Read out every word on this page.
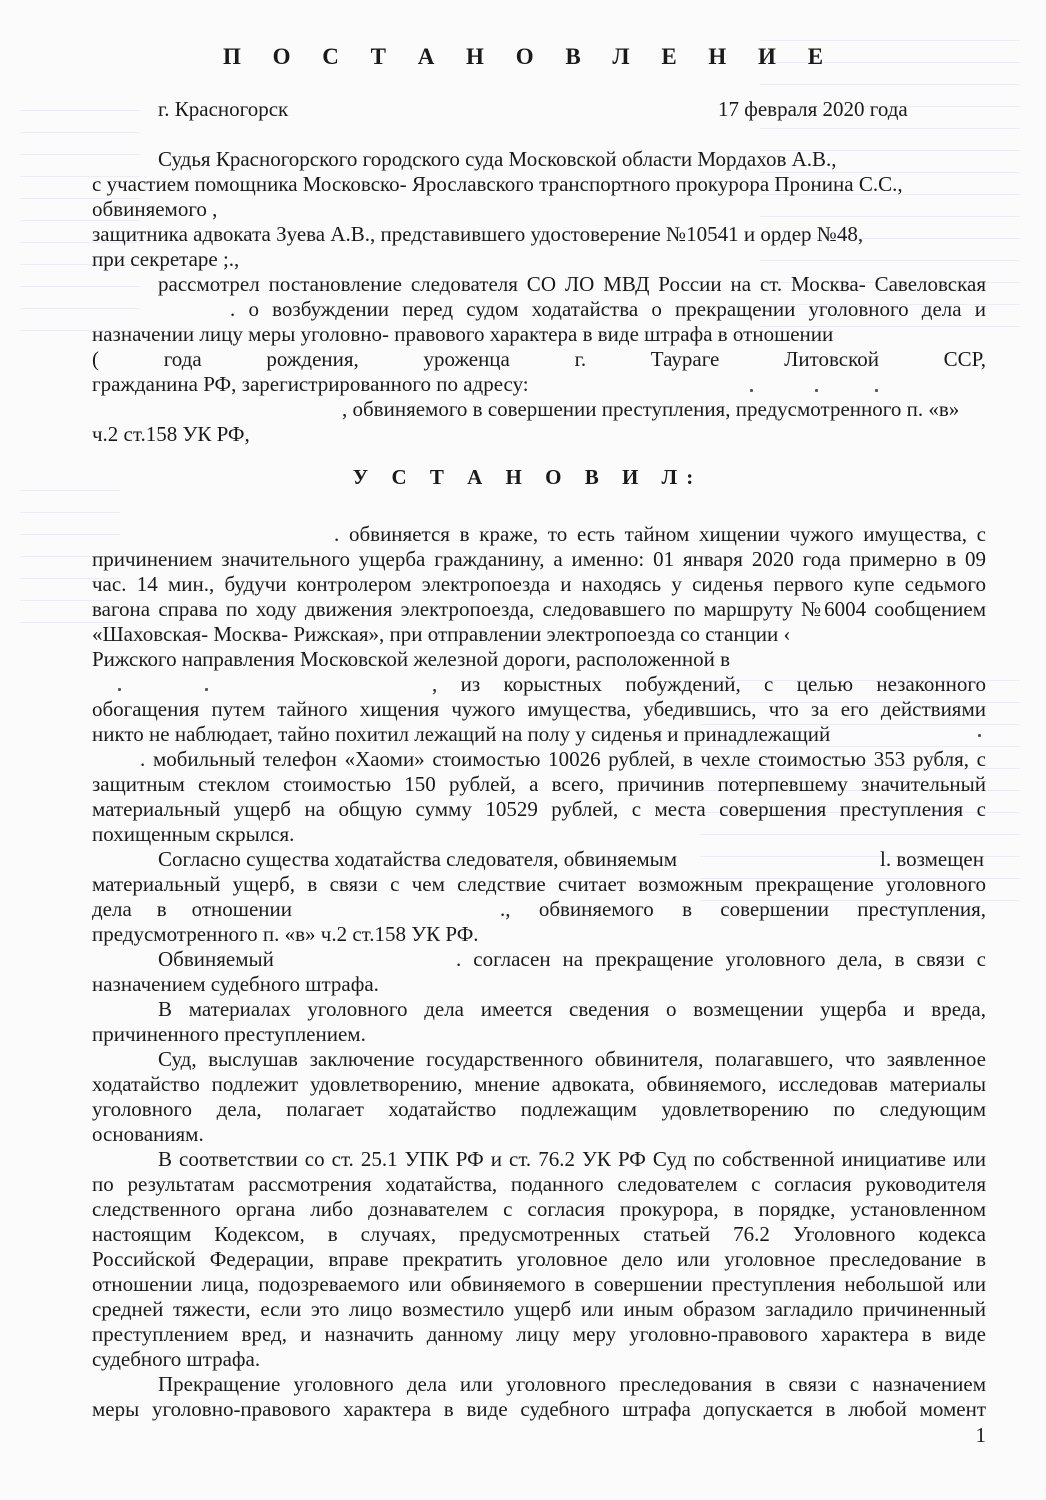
П О С Т А Н О В Л Е Н И Е
г. Красногорск	17 февраля 2020 года
Судья Красногорского городского суда Московской области Мордахов А.В.,
с участием помощника Московско- Ярославского транспортного прокурора Пронина С.С.,
обвиняемого ,
защитника адвоката Зуева А.В., представившего удостоверение №10541 и ордер №48,
при секретаре ;.,
рассмотрел постановление следователя СО ЛО МВД России на ст. Москва- Савеловская
. о возбуждении перед судом ходатайства о прекращении уголовного дела и
назначении лицу меры уголовно- правового характера в виде штрафа в отношении
( года рождения, уроженца г. Таураге Литовской ССР,
гражданина РФ, зарегистрированного по адресу:
, обвиняемого в совершении преступления, предусмотренного п. «в»
ч.2 ст.158 УК РФ,
У С Т А Н О В И Л:
. обвиняется в краже, то есть тайном хищении чужого имущества, с
причинением значительного ущерба гражданину, а именно: 01 января 2020 года примерно в 09
час. 14 мин., будучи контролером электропоезда и находясь у сиденья первого купе седьмого
вагона справа по ходу движения электропоезда, следовавшего по маршруту №6004 сообщением
«Шаховская- Москва- Рижская», при отправлении электропоезда со станции ‹
Рижского направления Московской железной дороги, расположенной в
, из корыстных побуждений, с целью незаконного
обогащения путем тайного хищения чужого имущества, убедившись, что за его действиями
никто не наблюдает, тайно похитил лежащий на полу у сиденья и принадлежащий
. мобильный телефон «Хаоми» стоимостью 10026 рублей, в чехле стоимостью 353 рубля, с
защитным стеклом стоимостью 150 рублей, а всего, причинив потерпевшему значительный
материальный ущерб на общую сумму 10529 рублей, с места совершения преступления с
похищенным скрылся.
Согласно существа ходатайства следователя, обвиняемым	l. возмещен
материальный ущерб, в связи с чем следствие считает возможным прекращение уголовного
дела в отношении	., обвиняемого в совершении преступления,
предусмотренного п. «в» ч.2 ст.158 УК РФ.
Обвиняемый	. согласен на прекращение уголовного дела, в связи с
назначением судебного штрафа.
В материалах уголовного дела имеется сведения о возмещении ущерба и вреда,
причиненного преступлением.
Суд, выслушав заключение государственного обвинителя, полагавшего, что заявленное
ходатайство подлежит удовлетворению, мнение адвоката, обвиняемого, исследовав материалы
уголовного дела, полагает ходатайство подлежащим удовлетворению по следующим
основаниям.
В соответствии со ст. 25.1 УПК РФ и ст. 76.2 УК РФ Суд по собственной инициативе или
по результатам рассмотрения ходатайства, поданного следователем с согласия руководителя
следственного органа либо дознавателем с согласия прокурора, в порядке, установленном
настоящим Кодексом, в случаях, предусмотренных статьей 76.2 Уголовного кодекса
Российской Федерации, вправе прекратить уголовное дело или уголовное преследование в
отношении лица, подозреваемого или обвиняемого в совершении преступления небольшой или
средней тяжести, если это лицо возместило ущерб или иным образом загладило причиненный
преступлением вред, и назначить данному лицу меру уголовно-правового характера в виде
судебного штрафа.
Прекращение уголовного дела или уголовного преследования в связи с назначением
меры уголовно-правового характера в виде судебного штрафа допускается в любой момент
1
